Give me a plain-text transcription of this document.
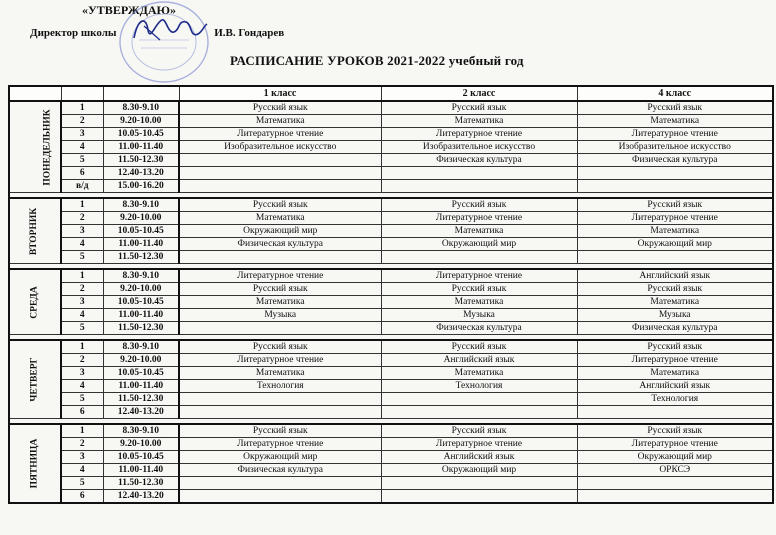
«УТВЕРЖДАЮ»
Директор школы	И.В. Гондарев
РАСПИСАНИЕ УРОКОВ 2021-2022 учебный год
			1 класс	2 класс	4 класс
ПОНЕДЕЛЬНИК	1	8.30-9.10	Русский язык	Русский язык	Русский язык
	2	9.20-10.00	Математика	Математика	Математика
	3	10.05-10.45	Литературное чтение	Литературное чтение	Литературное чтение
	4	11.00-11.40	Изобразительное искусство	Изобразительное искусство	Изобразительное искусство
	5	11.50-12.30		Физическая культура	Физическая культура
	6	12.40-13.20			
	в/д	15.00-16.20			

ВТОРНИК	1	8.30-9.10	Русский язык	Русский язык	Русский язык
	2	9.20-10.00	Математика	Литературное чтение	Литературное чтение
	3	10.05-10.45	Окружающий мир	Математика	Математика
	4	11.00-11.40	Физическая культура	Окружающий мир	Окружающий мир
	5	11.50-12.30			

СРЕДА	1	8.30-9.10	Литературное чтение	Литературное чтение	Английский язык
	2	9.20-10.00	Русский язык	Русский язык	Русский язык
	3	10.05-10.45	Математика	Математика	Математика
	4	11.00-11.40	Музыка	Музыка	Музыка
	5	11.50-12.30		Физическая культура	Физическая культура

ЧЕТВЕРГ	1	8.30-9.10	Русский язык	Русский язык	Русский язык
	2	9.20-10.00	Литературное чтение	Английский язык	Литературное чтение
	3	10.05-10.45	Математика	Математика	Математика
	4	11.00-11.40	Технология	Технология	Английский язык
	5	11.50-12.30			Технология
	6	12.40-13.20			

ПЯТНИЦА	1	8.30-9.10	Русский язык	Русский язык	Русский язык
	2	9.20-10.00	Литературное чтение	Литературное чтение	Литературное чтение
	3	10.05-10.45	Окружающий мир	Английский язык	Окружающий мир
	4	11.00-11.40	Физическая культура	Окружающий мир	ОРКСЭ
	5	11.50-12.30			
	6	12.40-13.20			
